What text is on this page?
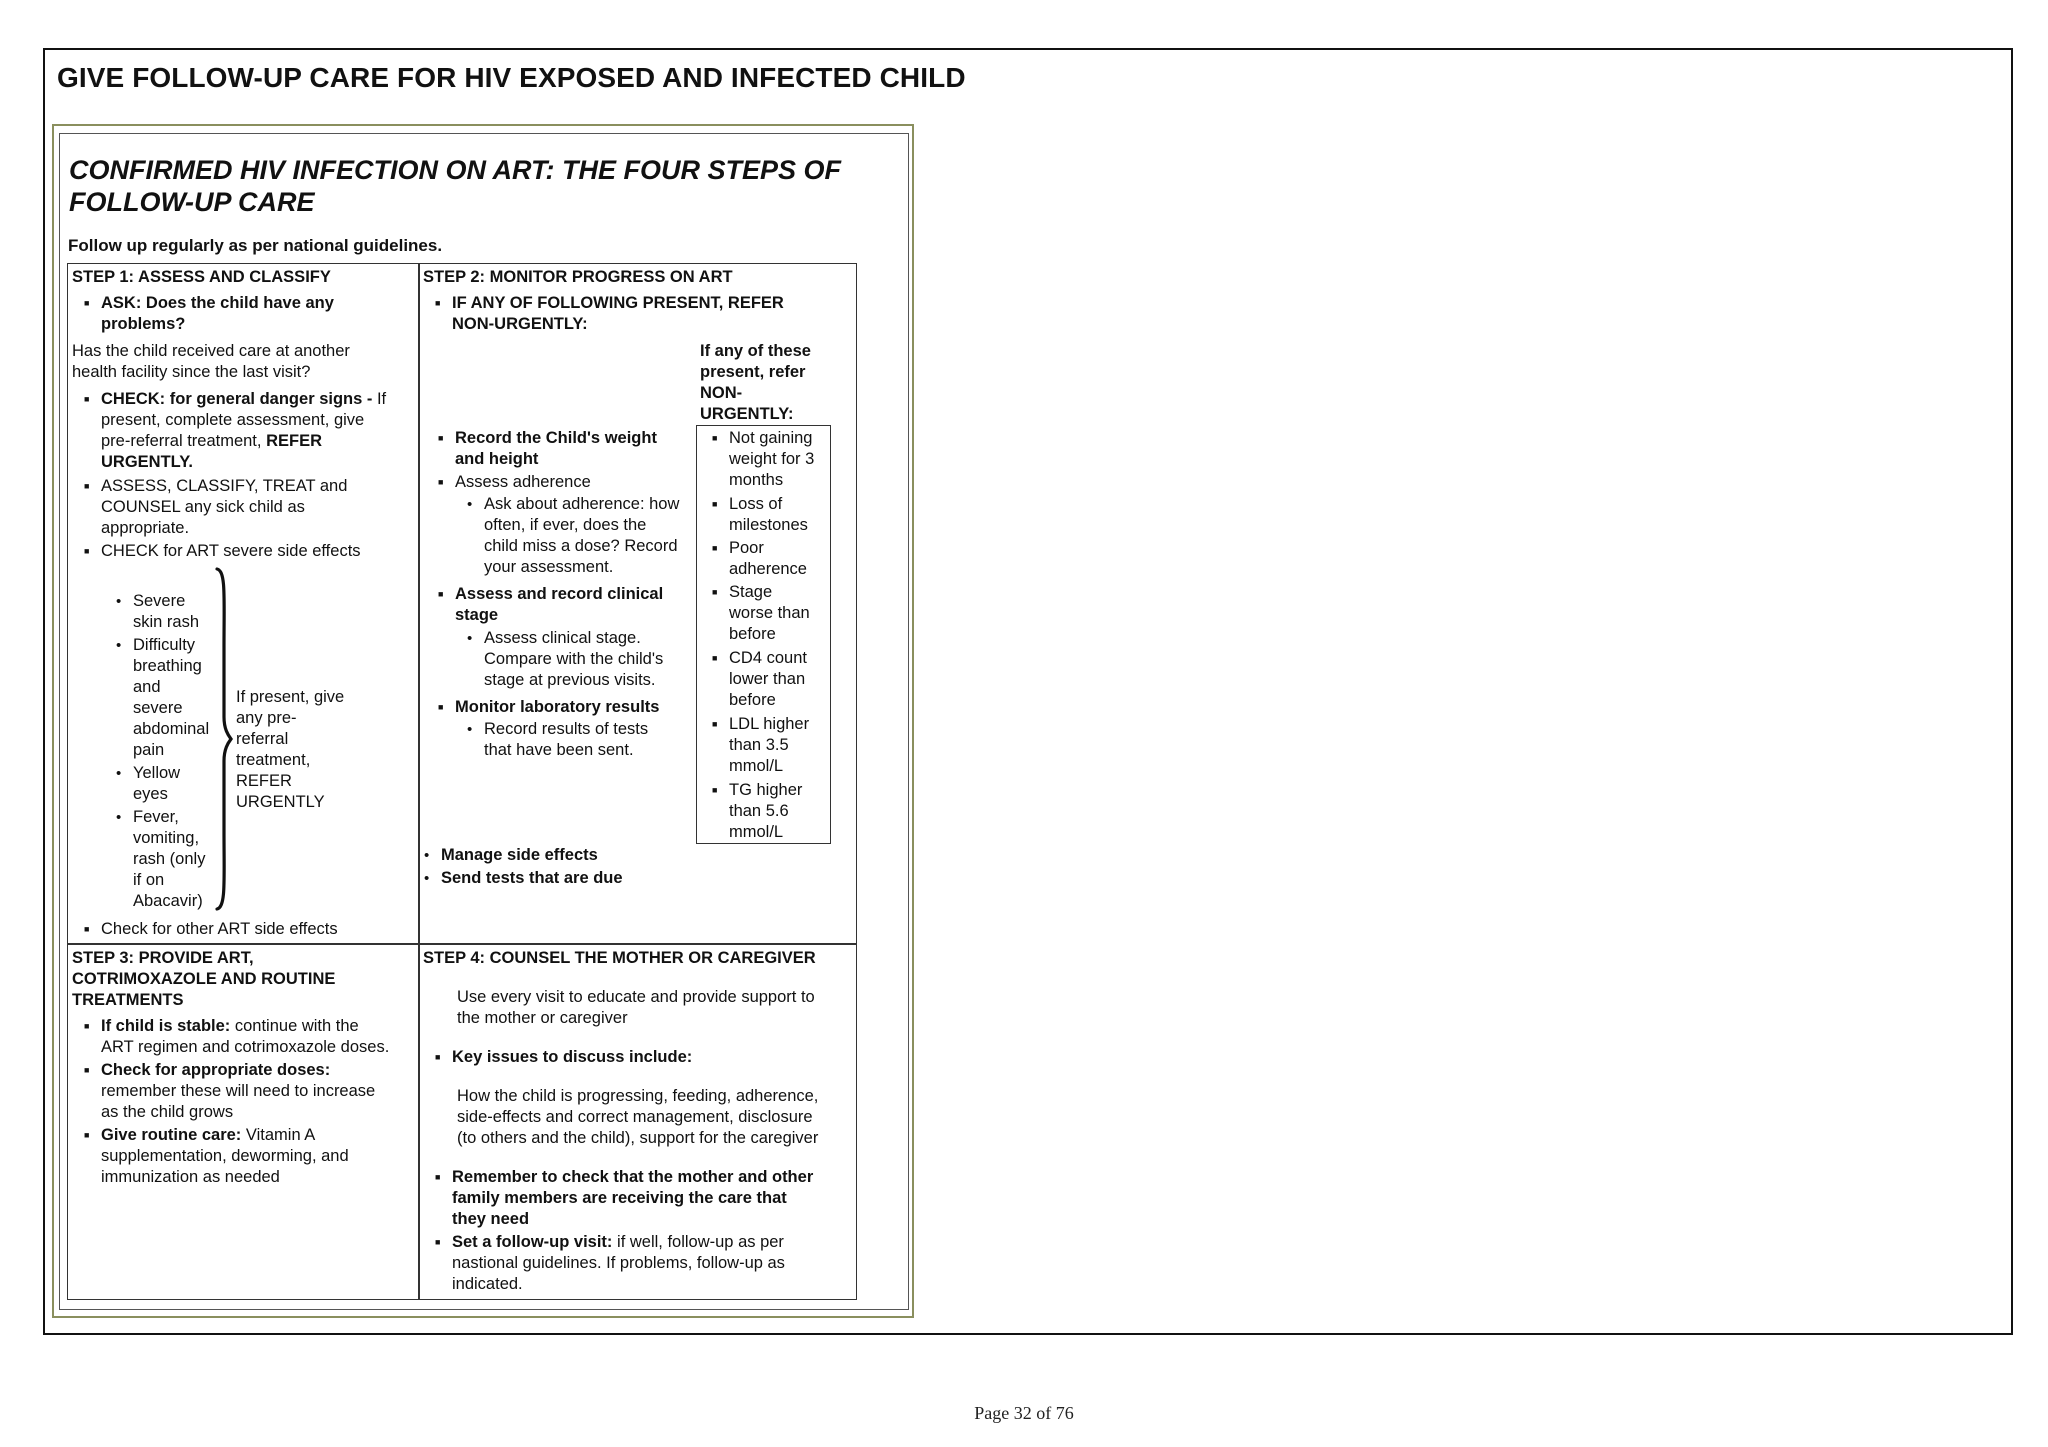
GIVE FOLLOW-UP CARE FOR HIV EXPOSED AND INFECTED CHILD
CONFIRMED HIV INFECTION ON ART: THE FOUR STEPS OF
FOLLOW-UP CARE
Follow up regularly as per national guidelines.
STEP 1: ASSESS AND CLASSIFY
■ ASK: Does the child have any
problems?
Has the child received care at another
health facility since the last visit?
■ CHECK: for general danger signs - If
present, complete assessment, give
pre-referral treatment, REFER
URGENTLY.
■ ASSESS, CLASSIFY, TREAT and
COUNSEL any sick child as
appropriate.
■ CHECK for ART severe side effects
• Severe
skin rash
• Difficulty
breathing
and
severe
abdominal
pain
• Yellow
eyes
• Fever,
vomiting,
rash (only
if on
Abacavir)
If present, give
any pre-
referral
treatment,
REFER
URGENTLY
■ Check for other ART side effects
STEP 2: MONITOR PROGRESS ON ART
■ IF ANY OF FOLLOWING PRESENT, REFER
NON-URGENTLY:
If any of these
present, refer
NON-
URGENTLY:
■ Record the Child's weight
and height
■ Assess adherence
• Ask about adherence: how
often, if ever, does the
child miss a dose? Record
your assessment.
■ Assess and record clinical
stage
• Assess clinical stage.
Compare with the child's
stage at previous visits.
■ Monitor laboratory results
• Record results of tests
that have been sent.
■ Not gaining
weight for 3
months
■ Loss of
milestones
■ Poor
adherence
■ Stage
worse than
before
■ CD4 count
lower than
before
■ LDL higher
than 3.5
mmol/L
■ TG higher
than 5.6
mmol/L
• Manage side effects
• Send tests that are due
STEP 3: PROVIDE ART,
COTRIMOXAZOLE AND ROUTINE
TREATMENTS
■ If child is stable: continue with the
ART regimen and cotrimoxazole doses.
■ Check for appropriate doses:
remember these will need to increase
as the child grows
■ Give routine care: Vitamin A
supplementation, deworming, and
immunization as needed
STEP 4: COUNSEL THE MOTHER OR CAREGIVER
Use every visit to educate and provide support to
the mother or caregiver
■ Key issues to discuss include:
How the child is progressing, feeding, adherence,
side-effects and correct management, disclosure
(to others and the child), support for the caregiver
■ Remember to check that the mother and other
family members are receiving the care that
they need
■ Set a follow-up visit: if well, follow-up as per
nastional guidelines. If problems, follow-up as
indicated.
Page 32 of 76
